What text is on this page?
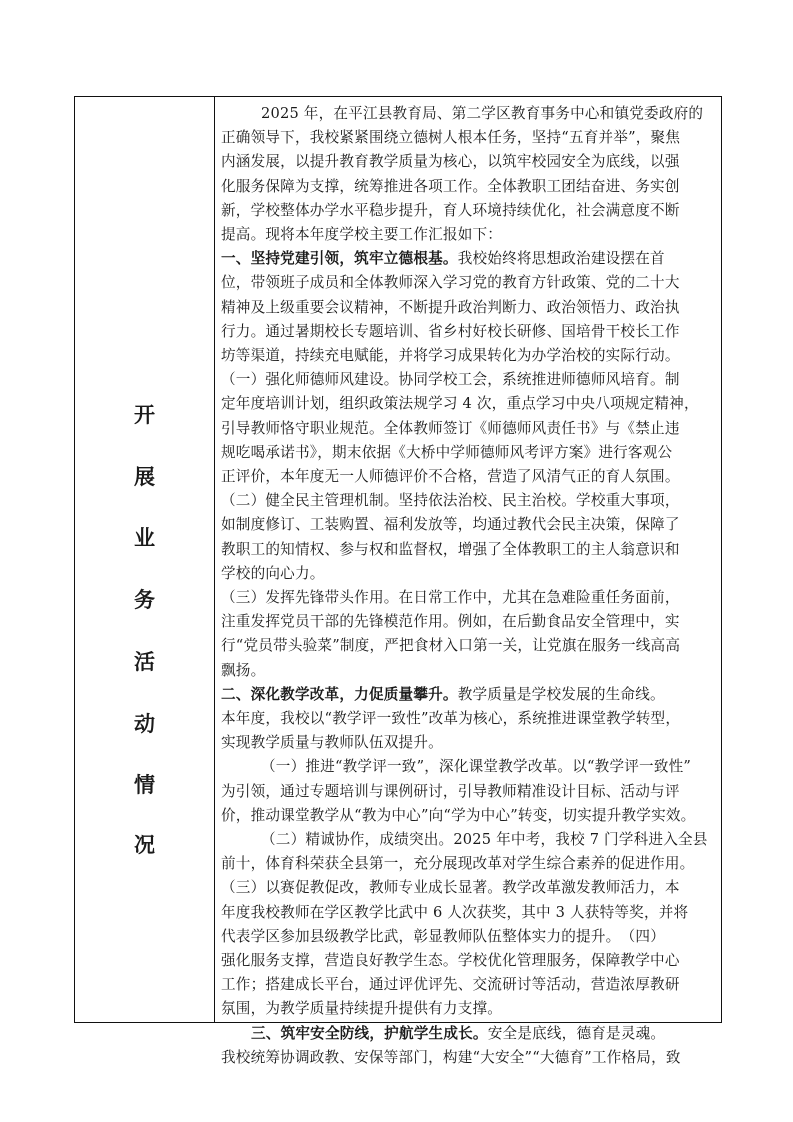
开
展
业
务
活
动
情
况
2025 年，在平江县教育局、第二学区教育事务中心和镇党委政府的
正确领导下，我校紧紧围绕立德树人根本任务，坚持“五育并举”，聚焦
内涵发展，以提升教育教学质量为核心，以筑牢校园安全为底线，以强
化服务保障为支撑，统筹推进各项工作。全体教职工团结奋进、务实创
新，学校整体办学水平稳步提升，育人环境持续优化，社会满意度不断
提高。现将本年度学校主要工作汇报如下：
一、坚持党建引领，筑牢立德根基。我校始终将思想政治建设摆在首
位，带领班子成员和全体教师深入学习党的教育方针政策、党的二十大
精神及上级重要会议精神，不断提升政治判断力、政治领悟力、政治执
行力。通过暑期校长专题培训、省乡村好校长研修、国培骨干校长工作
坊等渠道，持续充电赋能，并将学习成果转化为办学治校的实际行动。
（一）强化师德师风建设。协同学校工会，系统推进师德师风培育。制
定年度培训计划，组织政策法规学习 4 次，重点学习中央八项规定精神，
引导教师恪守职业规范。全体教师签订《师德师风责任书》与《禁止违
规吃喝承诺书》，期末依据《大桥中学师德师风考评方案》进行客观公
正评价，本年度无一人师德评价不合格，营造了风清气正的育人氛围。
（二）健全民主管理机制。坚持依法治校、民主治校。学校重大事项，
如制度修订、工装购置、福利发放等，均通过教代会民主决策，保障了
教职工的知情权、参与权和监督权，增强了全体教职工的主人翁意识和
学校的向心力。
（三）发挥先锋带头作用。在日常工作中，尤其在急难险重任务面前，
注重发挥党员干部的先锋模范作用。例如，在后勤食品安全管理中，实
行“党员带头验菜”制度，严把食材入口第一关，让党旗在服务一线高高
飘扬。
二、深化教学改革，力促质量攀升。教学质量是学校发展的生命线。
本年度，我校以“教学评一致性”改革为核心，系统推进课堂教学转型，
实现教学质量与教师队伍双提升。
（一）推进“教学评一致”，深化课堂教学改革。以“教学评一致性”
为引领，通过专题培训与课例研讨，引导教师精准设计目标、活动与评
价，推动课堂教学从“教为中心”向“学为中心”转变，切实提升教学实效。
（二）精诚协作，成绩突出。2025 年中考，我校 7 门学科进入全县
前十，体育科荣获全县第一，充分展现改革对学生综合素养的促进作用。
（三）以赛促教促改，教师专业成长显著。教学改革激发教师活力，本
年度我校教师在学区教学比武中 6 人次获奖，其中 3 人获特等奖，并将
代表学区参加县级教学比武，彰显教师队伍整体实力的提升。　（四）
强化服务支撑，营造良好教学生态。学校优化管理服务，保障教学中心
工作；搭建成长平台，通过评优评先、交流研讨等活动，营造浓厚教研
氛围，为教学质量持续提升提供有力支撑。
三、筑牢安全防线，护航学生成长。安全是底线，德育是灵魂。
我校统筹协调政教、安保等部门，构建“大安全”“大德育”工作格局，致
